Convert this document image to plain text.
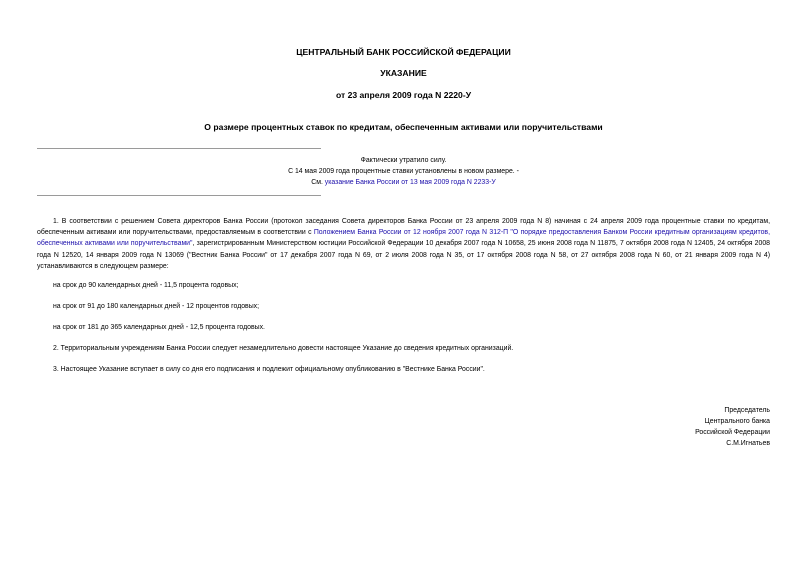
ЦЕНТРАЛЬНЫЙ БАНК РОССИЙСКОЙ ФЕДЕРАЦИИ
УКАЗАНИЕ
от 23 апреля 2009 года N 2220-У
О размере процентных ставок по кредитам, обеспеченным активами или поручительствами
Фактически утратило силу.
С 14 мая 2009 года процентные ставки установлены в новом размере. -
См. указание Банка России от 13 мая 2009 года N 2233-У
1. В соответствии с решением Совета директоров Банка России (протокол заседания Совета директоров Банка России от 23 апреля 2009 года N 8) начиная с 24 апреля 2009 года процентные ставки по кредитам, обеспеченным активами или поручительствами, предоставляемым в соответствии с Положением Банка России от 12 ноября 2007 года N 312-П "О порядке предоставления Банком России кредитным организациям кредитов, обеспеченных активами или поручительствами", зарегистрированным Министерством юстиции Российской Федерации 10 декабря 2007 года N 10658, 25 июня 2008 года N 11875, 7 октября 2008 года N 12405, 24 октября 2008 года N 12520, 14 января 2009 года N 13069 ("Вестник Банка России" от 17 декабря 2007 года N 69, от 2 июля 2008 года N 35, от 17 октября 2008 года N 58, от 27 октября 2008 года N 60, от 21 января 2009 года N 4) устанавливаются в следующем размере:
на срок до 90 календарных дней - 11,5 процента годовых;
на срок от 91 до 180 календарных дней - 12 процентов годовых;
на срок от 181 до 365 календарных дней - 12,5 процента годовых.
2. Территориальным учреждениям Банка России следует незамедлительно довести настоящее Указание до сведения кредитных организаций.
3. Настоящее Указание вступает в силу со дня его подписания и подлежит официальному опубликованию в "Вестнике Банка России".
Председатель
Центрального банка
Российской Федерации
С.М.Игнатьев
